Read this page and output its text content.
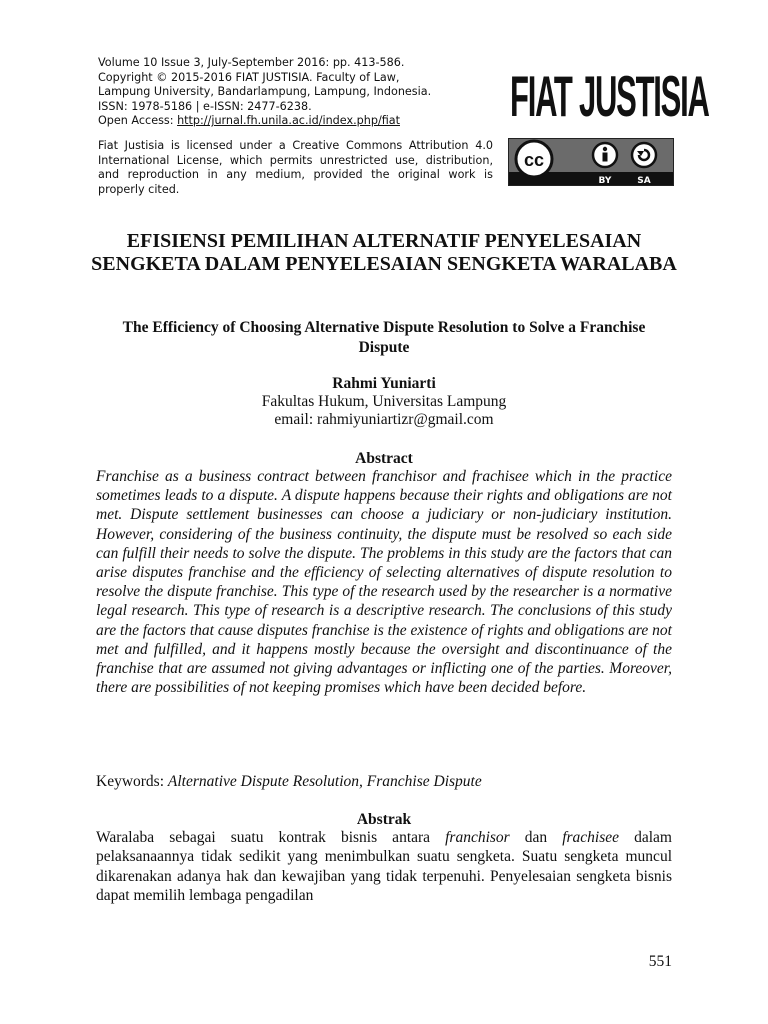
Volume 10 Issue 3, July-September 2016: pp. 413-586.
Copyright © 2015-2016 FIAT JUSTISIA. Faculty of Law,
Lampung University, Bandarlampung, Lampung, Indonesia.
ISSN: 1978-5186 | e-ISSN: 2477-6238.
Open Access: http://jurnal.fh.unila.ac.id/index.php/fiat
Fiat Justisia is licensed under a Creative Commons Attribution 4.0 International License, which permits unrestricted use, distribution, and reproduction in any medium, provided the original work is properly cited.
FIAT JUSTISIA
cc
BY	SA
EFISIENSI PEMILIHAN ALTERNATIF PENYELESAIAN SENGKETA DALAM PENYELESAIAN SENGKETA WARALABA
The Efficiency of Choosing Alternative Dispute Resolution to Solve a Franchise Dispute
Rahmi Yuniarti
Fakultas Hukum, Universitas Lampung
email: rahmiyuniartizr@gmail.com
Abstract
Franchise as a business contract between franchisor and frachisee which in the practice sometimes leads to a dispute. A dispute happens because their rights and obligations are not met. Dispute settlement businesses can choose a judiciary or non-judiciary institution. However, considering of the business continuity, the dispute must be resolved so each side can fulfill their needs to solve the dispute. The problems in this study are the factors that can arise disputes franchise and the efficiency of selecting alternatives of dispute resolution to resolve the dispute franchise. This type of the research used by the researcher is a normative legal research. This type of research is a descriptive research. The conclusions of this study are the factors that cause disputes franchise is the existence of rights and obligations are not met and fulfilled, and it happens mostly because the oversight and discontinuance of the franchise that are assumed not giving advantages or inflicting one of the parties. Moreover, there are possibilities of not keeping promises which have been decided before.
Keywords: Alternative Dispute Resolution, Franchise Dispute
Abstrak
Waralaba sebagai suatu kontrak bisnis antara franchisor dan frachisee dalam pelaksanaannya tidak sedikit yang menimbulkan suatu sengketa. Suatu sengketa muncul dikarenakan adanya hak dan kewajiban yang tidak terpenuhi. Penyelesaian sengketa bisnis dapat memilih lembaga pengadilan
551
